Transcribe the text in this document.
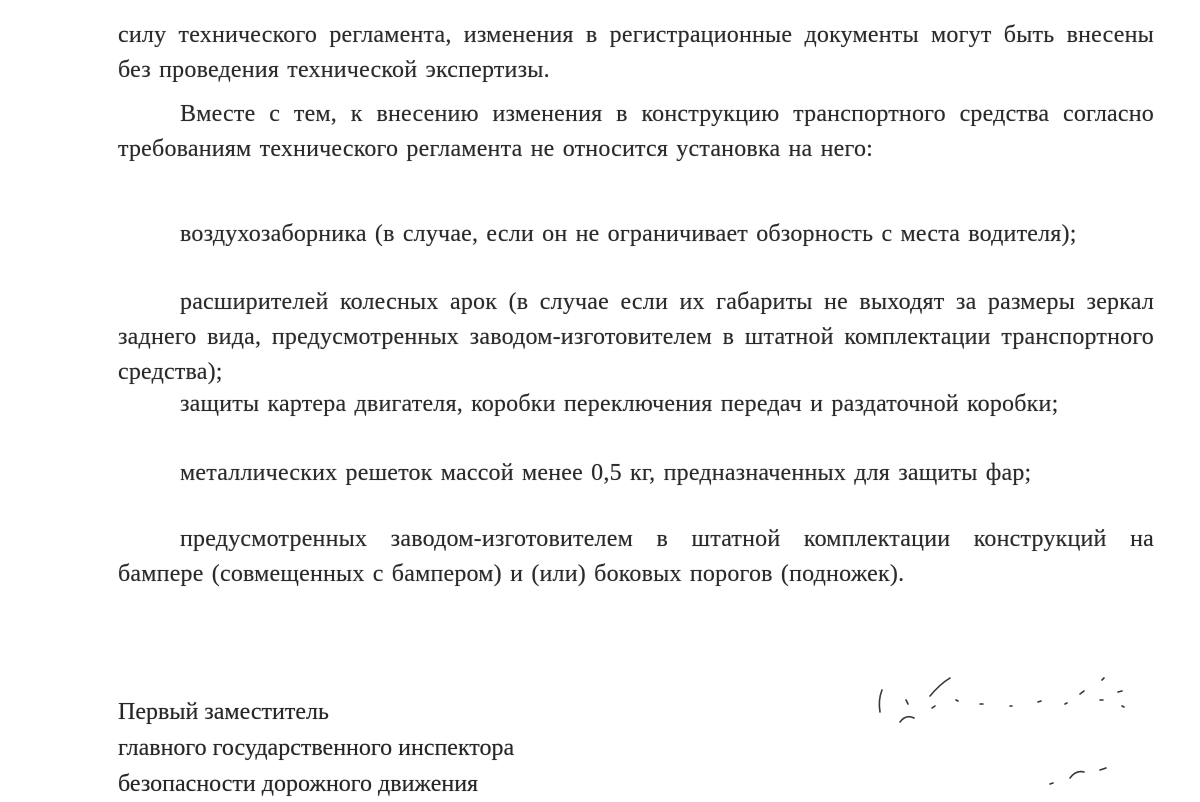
силу технического регламента, изменения в регистрационные документы могут быть внесены без проведения технической экспертизы.

Вместе с тем, к внесению изменения в конструкцию транспортного средства согласно требованиям технического регламента не относится установка на него:

воздухозаборника (в случае, если он не ограничивает обзорность с места водителя);

расширителей колесных арок (в случае если их габариты не выходят за размеры зеркал заднего вида, предусмотренных заводом-изготовителем в штатной комплектации транспортного средства);

защиты картера двигателя, коробки переключения передач и раздаточной коробки;

металлических решеток массой менее 0,5 кг, предназначенных для защиты фар;

предусмотренных заводом-изготовителем в штатной комплектации конструкций на бампере (совмещенных с бампером) и (или) боковых порогов (подножек).

Первый заместитель
главного государственного инспектора
безопасности дорожного движения
